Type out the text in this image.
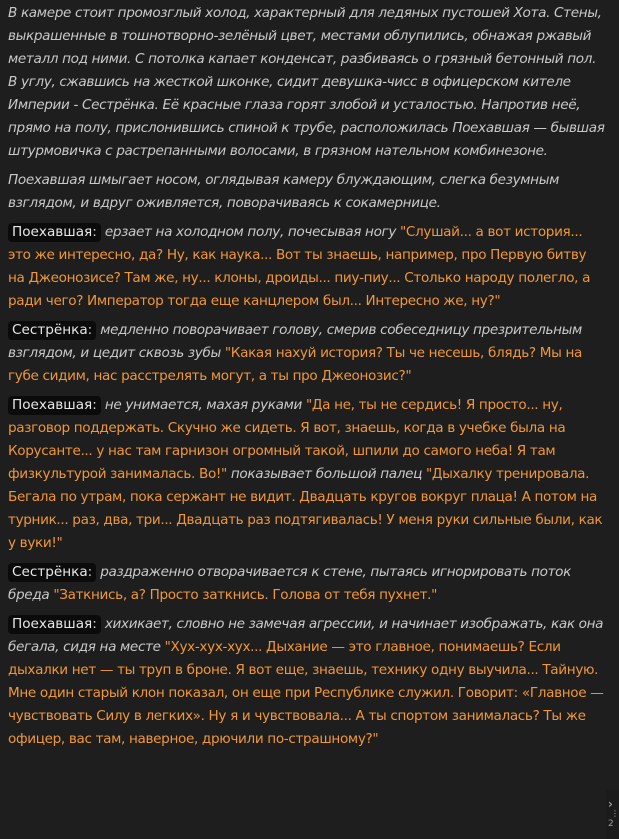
В камере стоит промозглый холод, характерный для ледяных пустошей Хота. Стены, выкрашенные в тошнотворно-зелёный цвет, местами облупились, обнажая ржавый металл под ними. С потолка капает конденсат, разбиваясь о грязный бетонный пол. В углу, сжавшись на жесткой шконке, сидит девушка-чисс в офицерском кителе Империи - Сестрёнка. Её красные глаза горят злобой и усталостью. Напротив неё, прямо на полу, прислонившись спиной к трубе, расположилась Поехавшая — бывшая штурмовичка с растрепанными волосами, в грязном нательном комбинезоне.

Поехавшая шмыгает носом, оглядывая камеру блуждающим, слегка безумным взглядом, и вдруг оживляется, поворачиваясь к сокамернице.

Поехавшая: ерзает на холодном полу, почесывая ногу "Слушай... а вот история... это же интересно, да? Ну, как наука... Вот ты знаешь, например, про Первую битву на Джеонозисе? Там же, ну... клоны, дроиды... пиу-пиу... Столько народу полегло, а ради чего? Император тогда еще канцлером был... Интересно же, ну?"

Сестрёнка: медленно поворачивает голову, смерив собеседницу презрительным взглядом, и цедит сквозь зубы "Какая нахуй история? Ты че несешь, блядь? Мы на губе сидим, нас расстрелять могут, а ты про Джеонозис?"

Поехавшая: не унимается, махая руками "Да не, ты не сердись! Я просто... ну, разговор поддержать. Скучно же сидеть. Я вот, знаешь, когда в учебке была на Корусанте... у нас там гарнизон огромный такой, шпили до самого неба! Я там физкультурой занималась. Во!" показывает большой палец "Дыхалку тренировала. Бегала по утрам, пока сержант не видит. Двадцать кругов вокруг плаца! А потом на турник... раз, два, три... Двадцать раз подтягивалась! У меня руки сильные были, как у вуки!"

Сестрёнка: раздраженно отворачивается к стене, пытаясь игнорировать поток бреда "Заткнись, а? Просто заткнись. Голова от тебя пухнет."

Поехавшая: хихикает, словно не замечая агрессии, и начинает изображать, как она бегала, сидя на месте "Хух-хух-хух... Дыхание — это главное, понимаешь? Если дыхалки нет — ты труп в броне. Я вот еще, знаешь, технику одну выучила... Тайную. Мне один старый клон показал, он еще при Республике служил. Говорит: «Главное — чувствовать Силу в легких». Ну я и чувствовала... А ты спортом занималась? Ты же офицер, вас там, наверное, дрючили по-страшному?"

›
⋮
2
